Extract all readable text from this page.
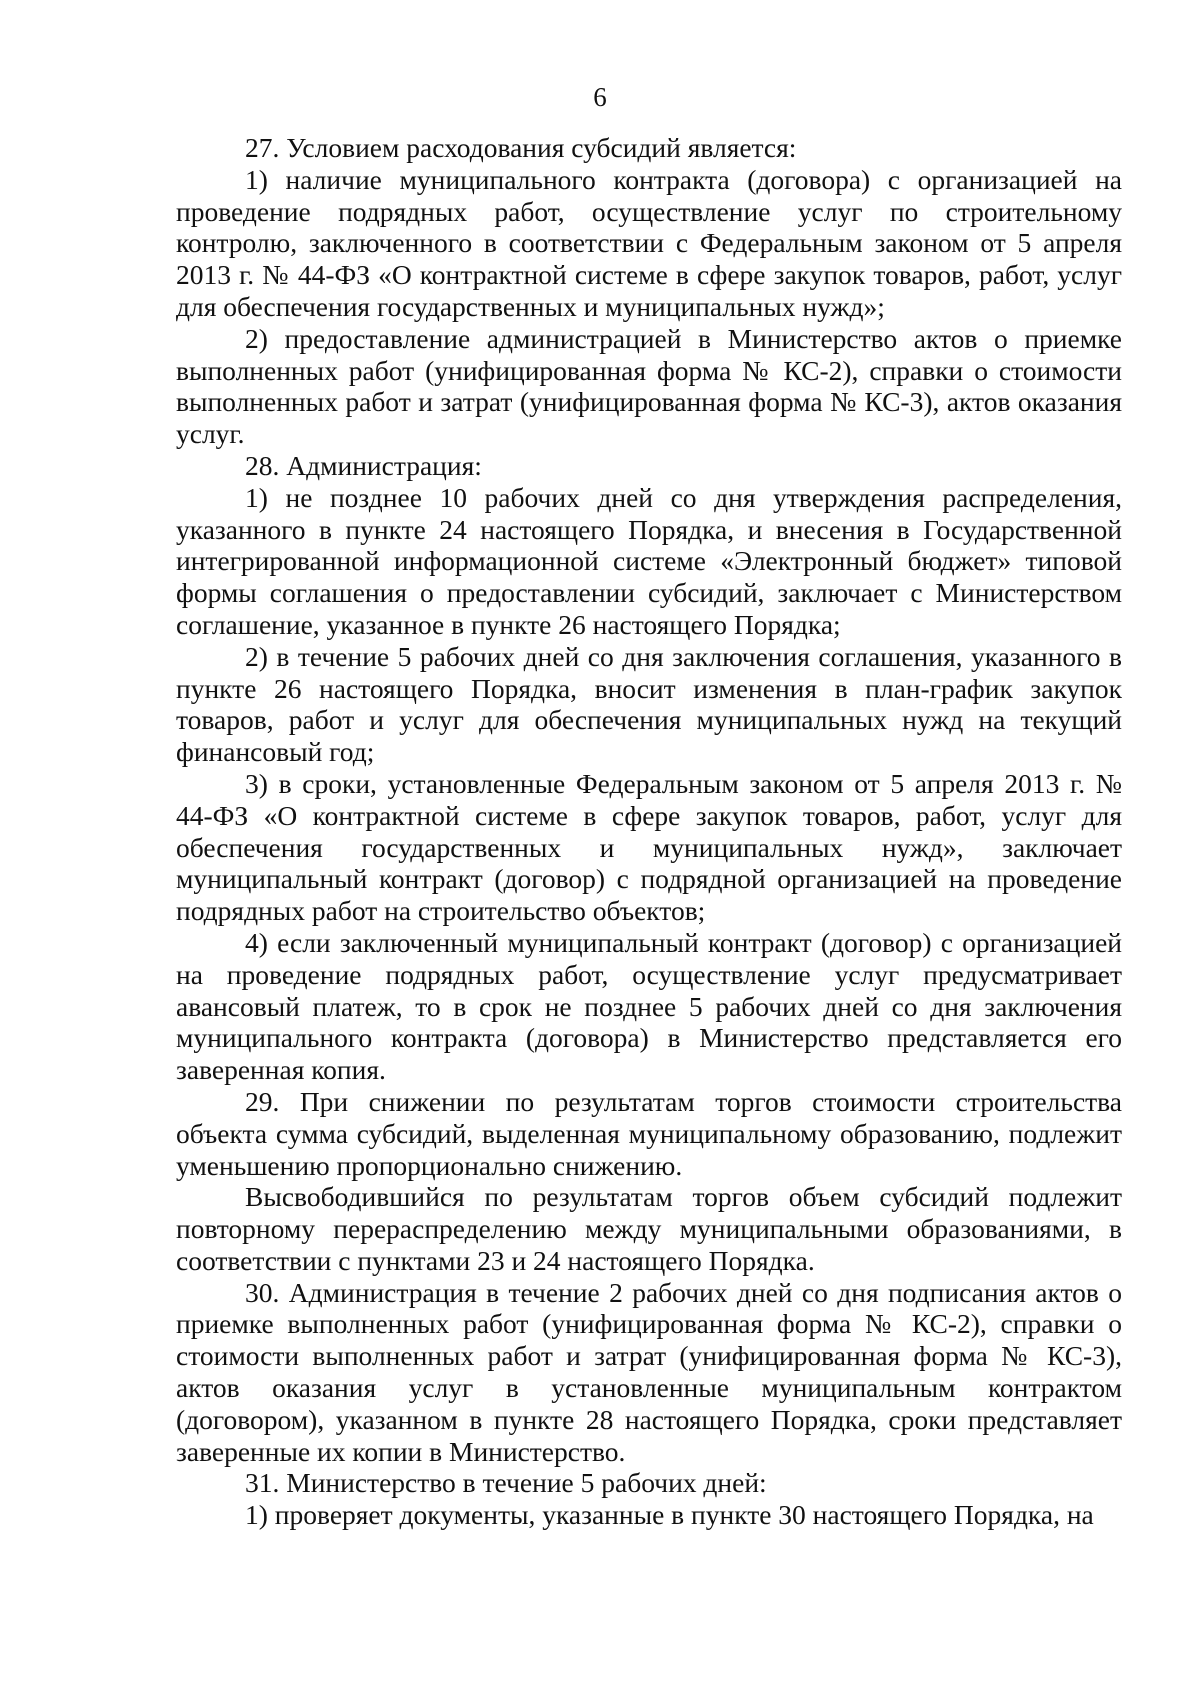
6

27. Условием расходования субсидий является:

1) наличие муниципального контракта (договора) с организацией на проведение подрядных работ, осуществление услуг по строительному контролю, заключенного в соответствии с Федеральным законом от 5 апреля 2013 г. № 44-ФЗ «О контрактной системе в сфере закупок товаров, работ, услуг для обеспечения государственных и муниципальных нужд»;

2) предоставление администрацией в Министерство актов о приемке выполненных работ (унифицированная форма № КС-2), справки о стоимости выполненных работ и затрат (унифицированная форма № КС-3), актов оказания услуг.

28. Администрация:

1) не позднее 10 рабочих дней со дня утверждения распределения, указанного в пункте 24 настоящего Порядка, и внесения в Государственной интегрированной информационной системе «Электронный бюджет» типовой формы соглашения о предоставлении субсидий, заключает с Министерством соглашение, указанное в пункте 26 настоящего Порядка;

2) в течение 5 рабочих дней со дня заключения соглашения, указанного в пункте 26 настоящего Порядка, вносит изменения в план-график закупок товаров, работ и услуг для обеспечения муниципальных нужд на текущий финансовый год;

3) в сроки, установленные Федеральным законом от 5 апреля 2013 г. № 44-ФЗ «О контрактной системе в сфере закупок товаров, работ, услуг для обеспечения государственных и муниципальных нужд», заключает муниципальный контракт (договор) с подрядной организацией на проведение подрядных работ на строительство объектов;

4) если заключенный муниципальный контракт (договор) с организацией на проведение подрядных работ, осуществление услуг предусматривает авансовый платеж, то в срок не позднее 5 рабочих дней со дня заключения муниципального контракта (договора) в Министерство представляется его заверенная копия.

29. При снижении по результатам торгов стоимости строительства объекта сумма субсидий, выделенная муниципальному образованию, подлежит уменьшению пропорционально снижению.

Высвободившийся по результатам торгов объем субсидий подлежит повторному перераспределению между муниципальными образованиями, в соответствии с пунктами 23 и 24 настоящего Порядка.

30. Администрация в течение 2 рабочих дней со дня подписания актов о приемке выполненных работ (унифицированная форма № КС-2), справки о стоимости выполненных работ и затрат (унифицированная форма № КС-3), актов оказания услуг в установленные муниципальным контрактом (договором), указанном в пункте 28 настоящего Порядка, сроки представляет заверенные их копии в Министерство.

31. Министерство в течение 5 рабочих дней:

1) проверяет документы, указанные в пункте 30 настоящего Порядка, на
